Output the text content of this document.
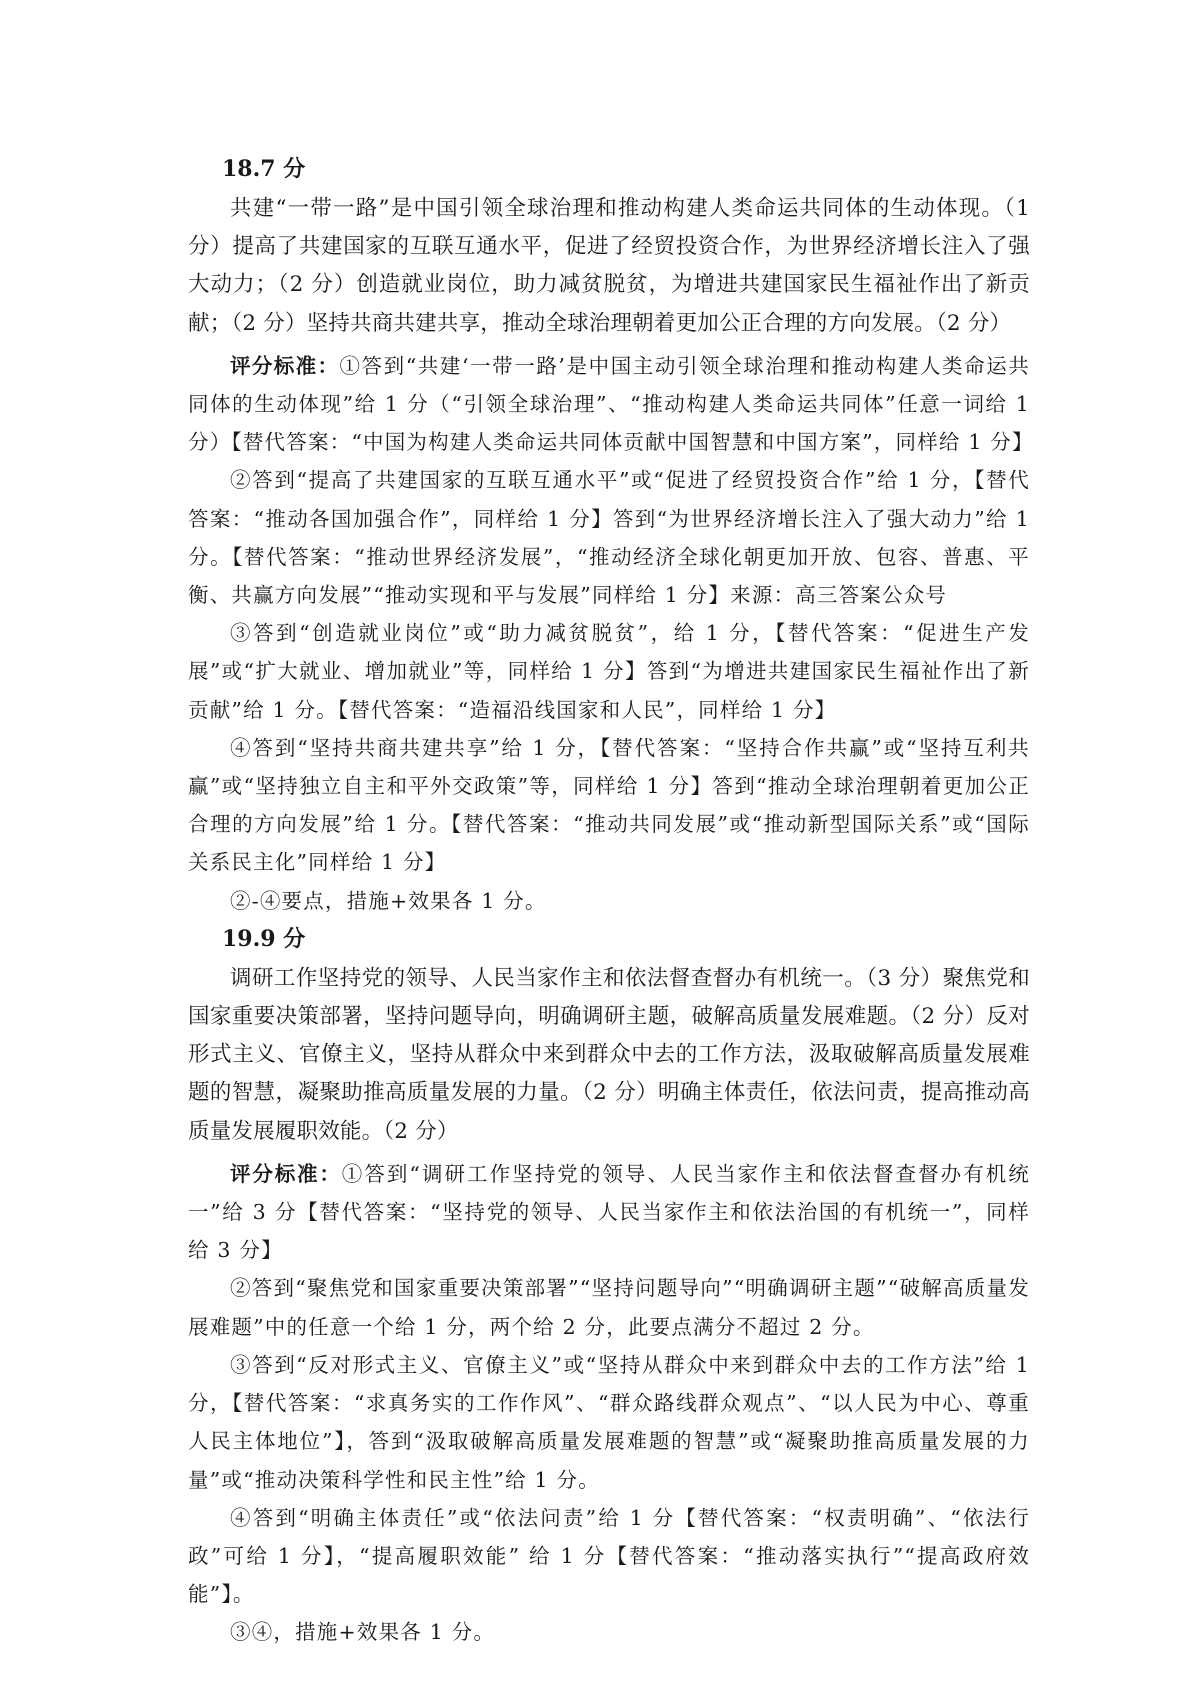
18.7 分

共建“一带一路”是中国引领全球治理和推动构建人类命运共同体的生动体现。（1 分）提高了共建国家的互联互通水平，促进了经贸投资合作，为世界经济增长注入了强大动力；（2 分）创造就业岗位，助力减贫脱贫，为增进共建国家民生福祉作出了新贡献；（2 分）坚持共商共建共享，推动全球治理朝着更加公正合理的方向发展。（2 分）

评分标准：①答到“共建‘一带一路’是中国主动引领全球治理和推动构建人类命运共同体的生动体现”给 1 分（“引领全球治理”、“推动构建人类命运共同体”任意一词给 1 分）【替代答案：“中国为构建人类命运共同体贡献中国智慧和中国方案”，同样给 1 分】

②答到“提高了共建国家的互联互通水平”或“促进了经贸投资合作”给 1 分，【替代答案：“推动各国加强合作”，同样给 1 分】答到“为世界经济增长注入了强大动力”给 1 分。【替代答案：“推动世界经济发展”，“推动经济全球化朝更加开放、包容、普惠、平衡、共赢方向发展”“推动实现和平与发展”同样给 1 分】来源：高三答案公众号

③答到“创造就业岗位”或“助力减贫脱贫”，给 1 分，【替代答案：“促进生产发展”或“扩大就业、增加就业”等，同样给 1 分】答到“为增进共建国家民生福祉作出了新贡献”给 1 分。【替代答案：“造福沿线国家和人民”，同样给 1 分】

④答到“坚持共商共建共享”给 1 分，【替代答案：“坚持合作共赢”或“坚持互利共赢”或“坚持独立自主和平外交政策”等，同样给 1 分】答到“推动全球治理朝着更加公正合理的方向发展”给 1 分。【替代答案：“推动共同发展”或“推动新型国际关系”或“国际关系民主化”同样给 1 分】

②-④要点，措施+效果各 1 分。

19.9 分

调研工作坚持党的领导、人民当家作主和依法督查督办有机统一。（3 分）聚焦党和国家重要决策部署，坚持问题导向，明确调研主题，破解高质量发展难题。（2 分）反对形式主义、官僚主义，坚持从群众中来到群众中去的工作方法，汲取破解高质量发展难题的智慧，凝聚助推高质量发展的力量。（2 分）明确主体责任，依法问责，提高推动高质量发展履职效能。（2 分）

评分标准：①答到“调研工作坚持党的领导、人民当家作主和依法督查督办有机统一”给 3 分【替代答案：“坚持党的领导、人民当家作主和依法治国的有机统一”，同样给 3 分】

②答到“聚焦党和国家重要决策部署”“坚持问题导向”“明确调研主题”“破解高质量发展难题”中的任意一个给 1 分，两个给 2 分，此要点满分不超过 2 分。

③答到“反对形式主义、官僚主义”或“坚持从群众中来到群众中去的工作方法”给 1 分，【替代答案：“求真务实的工作作风”、“群众路线群众观点”、“以人民为中心、尊重人民主体地位”】，答到“汲取破解高质量发展难题的智慧”或“凝聚助推高质量发展的力量”或“推动决策科学性和民主性”给 1 分。

④答到“明确主体责任”或“依法问责”给 1 分【替代答案：“权责明确”、“依法行政”可给 1 分】，“提高履职效能” 给 1 分【替代答案：“推动落实执行”“提高政府效能”】。

③④，措施+效果各 1 分。
